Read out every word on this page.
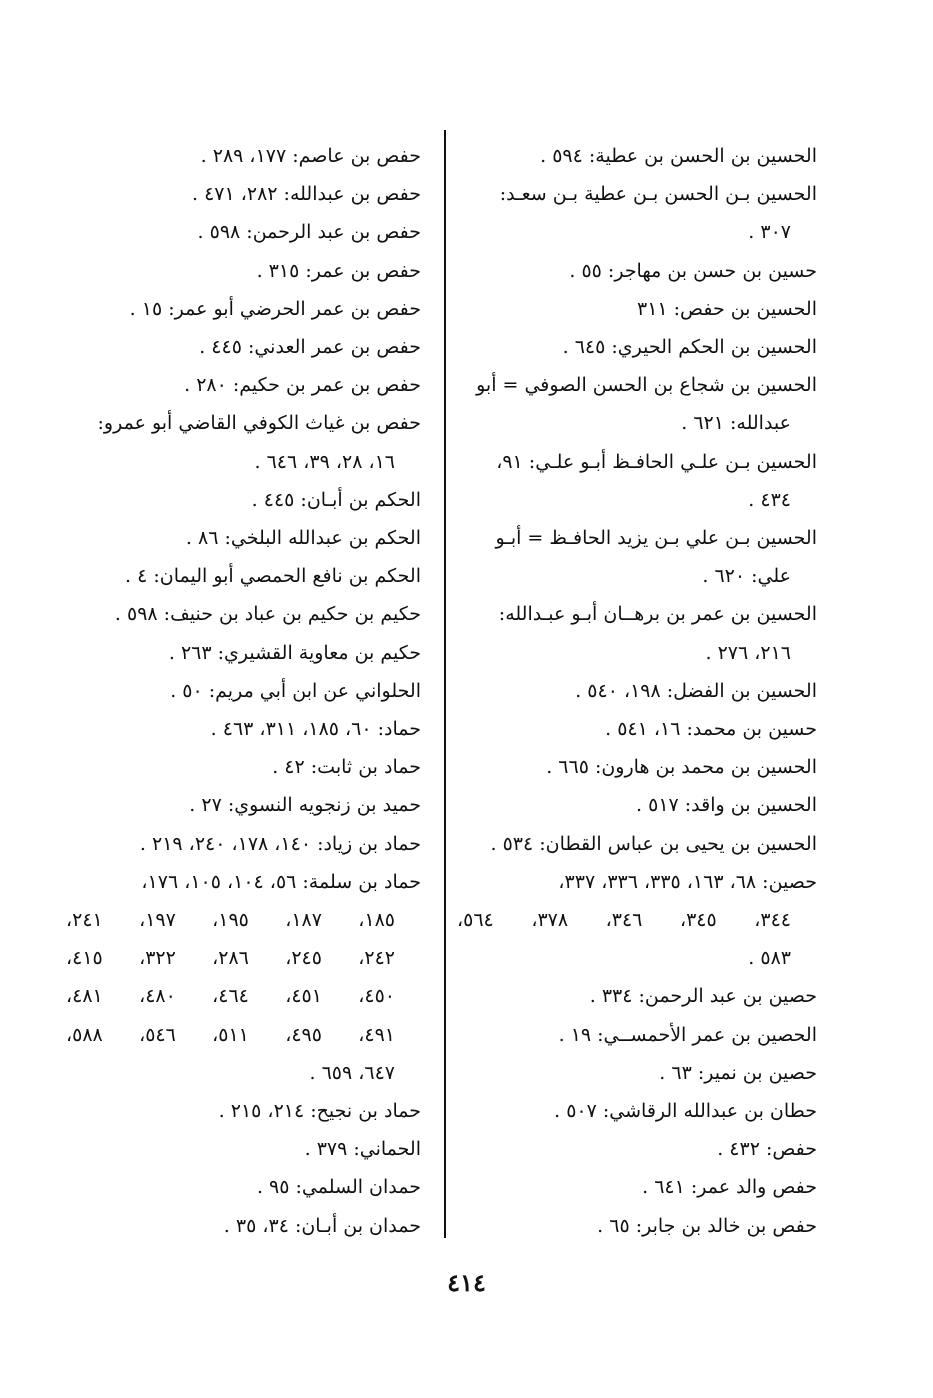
الحسين بن الحسن بن عطية: ٥٩٤ .
الحسين بـن الحسن بـن عطية بـن سعـد:
٣٠٧ .
حسين بن حسن بن مهاجر: ٥٥ .
الحسين بن حفص: ٣١١
الحسين بن الحكم الحيري: ٦٤٥ .
الحسين بن شجاع بن الحسن الصوفي = أبو
عبدالله: ٦٢١ .
الحسين بـن علـي الحافـظ أبـو علـي: ٩١،
٤٣٤ .
الحسين بـن علي بـن يزيد الحافـظ = أبـو
علي: ٦٢٠ .
الحسين بن عمر بن برهــان أبـو عبـدالله:
٢١٦، ٢٧٦ .
الحسين بن الفضل: ١٩٨، ٥٤٠ .
حسين بن محمد: ١٦، ٥٤١ .
الحسين بن محمد بن هارون: ٦٦٥ .
الحسين بن واقد: ٥١٧ .
الحسين بن يحيى بن عباس القطان: ٥٣٤ .
حصين: ٦٨، ١٦٣، ٣٣٥، ٣٣٦، ٣٣٧،
٣٤٤، ٣٤٥، ٣٤٦، ٣٧٨، ٥٦٤،
٥٨٣ .
حصين بن عبد الرحمن: ٣٣٤ .
الحصين بن عمر الأحمســي: ١٩ .
حصين بن نمير: ٦٣ .
حطان بن عبدالله الرقاشي: ٥٠٧ .
حفص: ٤٣٢ .
حفص والد عمر: ٦٤١ .
حفص بن خالد بن جابر: ٦٥ .
حفص بن عاصم: ١٧٧، ٢٨٩ .
حفص بن عبدالله: ٢٨٢، ٤٧١ .
حفص بن عبد الرحمن: ٥٩٨ .
حفص بن عمر: ٣١٥ .
حفص بن عمر الحرضي أبو عمر: ١٥ .
حفص بن عمر العدني: ٤٤٥ .
حفص بن عمر بن حكيم: ٢٨٠ .
حفص بن غياث الكوفي القاضي أبو عمرو:
١٦، ٢٨، ٣٩، ٦٤٦ .
الحكم بن أبـان: ٤٤٥ .
الحكم بن عبدالله البلخي: ٨٦ .
الحكم بن نافع الحمصي أبو اليمان: ٤ .
حكيم بن حكيم بن عباد بن حنيف: ٥٩٨ .
حكيم بن معاوية القشيري: ٢٦٣ .
الحلواني عن ابن أبي مريم: ٥٠ .
حماد: ٦٠، ١٨٥، ٣١١، ٤٦٣ .
حماد بن ثابت: ٤٢ .
حميد بن زنجويه النسوي: ٢٧ .
حماد بن زياد: ١٤٠، ١٧٨، ٢٤٠، ٢١٩ .
حماد بن سلمة: ٥٦، ١٠٤، ١٠٥، ١٧٦،
١٨٥، ١٨٧، ١٩٥، ١٩٧، ٢٤١،
٢٤٢، ٢٤٥، ٢٨٦، ٣٢٢، ٤١٥،
٤٥٠، ٤٥١، ٤٦٤، ٤٨٠، ٤٨١،
٤٩١، ٤٩٥، ٥١١، ٥٤٦، ٥٨٨،
٦٤٧، ٦٥٩ .
حماد بن نجيح: ٢١٤، ٢١٥ .
الحماني: ٣٧٩ .
حمدان السلمي: ٩٥ .
حمدان بن أبـان: ٣٤، ٣٥ .
٤١٤
